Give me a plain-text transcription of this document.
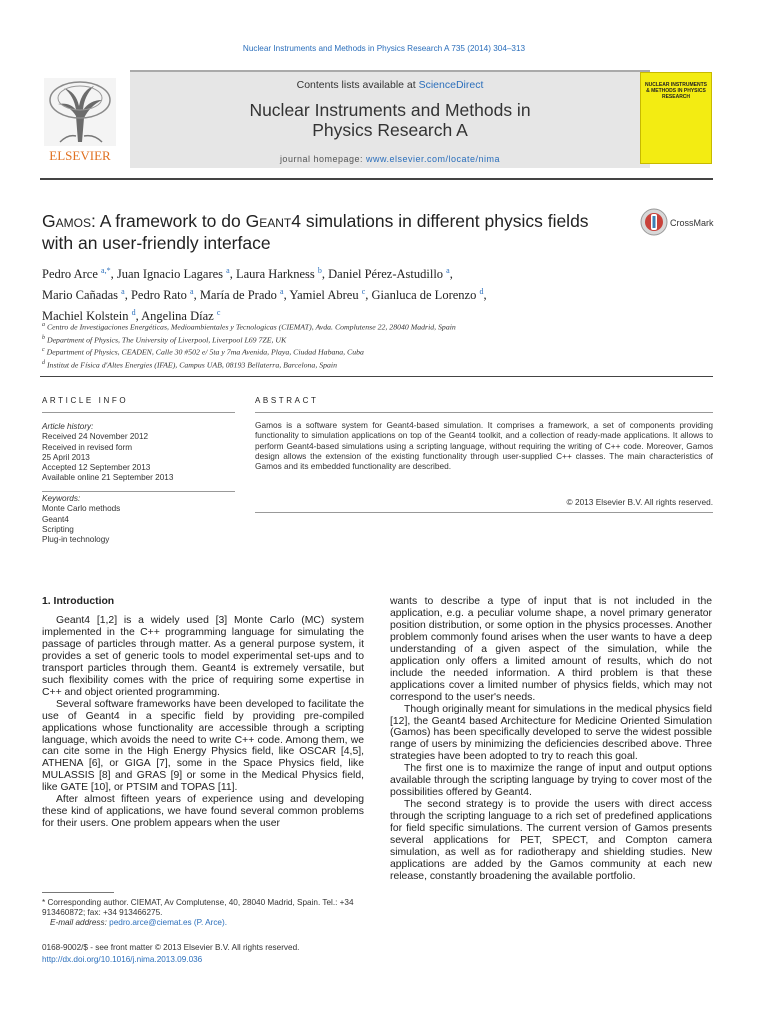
Nuclear Instruments and Methods in Physics Research A 735 (2014) 304–313
ELSEVIER
Contents lists available at ScienceDirect
Nuclear Instruments and Methods in
Physics Research A
journal homepage: www.elsevier.com/locate/nima
NUCLEAR INSTRUMENTS & METHODS IN PHYSICS RESEARCH
Gamos: A framework to do Geant4 simulations in different physics fields
with an user-friendly interface
CrossMark
Pedro Arce $^{a,*}$, Juan Ignacio Lagares $^a$, Laura Harkness $^b$, Daniel Pérez-Astudillo $^a$,
Mario Cañadas $^a$, Pedro Rato $^a$, María de Prado $^a$, Yamiel Abreu $^c$, Gianluca de Lorenzo $^d$,
Machiel Kolstein $^d$, Angelina Díaz $^c$
$^a$ Centro de Investigaciones Energéticas, Medioambientales y Tecnologicas (CIEMAT), Avda. Complutense 22, 28040 Madrid, Spain
$^b$ Department of Physics, The University of Liverpool, Liverpool L69 7ZE, UK
$^c$ Department of Physics, CEADEN, Calle 30 #502 e/ 5ta y 7ma Avenida, Playa, Ciudad Habana, Cuba
$^d$ Institut de Física d'Altes Energies (IFAE), Campus UAB, 08193 Bellaterra, Barcelona, Spain
ARTICLE INFO
Article history:
Received 24 November 2012
Received in revised form
25 April 2013
Accepted 12 September 2013
Available online 21 September 2013
Keywords:
Monte Carlo methods
Geant4
Scripting
Plug-in technology
ABSTRACT
Gamos is a software system for Geant4-based simulation. It comprises a framework, a set of components providing functionality to simulation applications on top of the Geant4 toolkit, and a collection of ready-made applications. It allows to perform Geant4-based simulations using a scripting language, without requiring the writing of C++ code. Moreover, Gamos design allows the extension of the existing functionality through user-supplied C++ classes. The main characteristics of Gamos and its embedded functionality are described.
© 2013 Elsevier B.V. All rights reserved.
1. Introduction

Geant4 [1,2] is a widely used [3] Monte Carlo (MC) system implemented in the C++ programming language for simulating the passage of particles through matter. As a general purpose system, it provides a set of generic tools to model experimental set-ups and to transport particles through them. Geant4 is extremely versatile, but such flexibility comes with the price of requiring some expertise in C++ and object oriented programming.

Several software frameworks have been developed to facilitate the use of Geant4 in a specific field by providing pre-compiled applications whose functionality are accessible through a scripting language, which avoids the need to write C++ code. Among them, we can cite some in the High Energy Physics field, like OSCAR [4,5], ATHENA [6], or GIGA [7], some in the Space Physics field, like MULASSIS [8] and GRAS [9] or some in the Medical Physics field, like GATE [10], or PTSIM and TOPAS [11].

After almost fifteen years of experience using and developing these kind of applications, we have found several common problems for their users. One problem appears when the user

wants to describe a type of input that is not included in the application, e.g. a peculiar volume shape, a novel primary generator position distribution, or some option in the physics processes. Another problem commonly found arises when the user wants to have a deep understanding of a given aspect of the simulation, while the application only offers a limited amount of results, which do not include the needed information. A third problem is that these applications cover a limited number of physics fields, which may not correspond to the user's needs.

Though originally meant for simulations in the medical physics field [12], the Geant4 based Architecture for Medicine Oriented Simulation (Gamos) has been specifically developed to serve the widest possible range of users by minimizing the deficiencies described above. Three strategies have been adopted to try to reach this goal.

The first one is to maximize the range of input and output options available through the scripting language by trying to cover most of the possibilities offered by Geant4.

The second strategy is to provide the users with direct access through the scripting language to a rich set of predefined applications for field specific simulations. The current version of Gamos presents several applications for PET, SPECT, and Compton camera simulation, as well as for radiotherapy and shielding studies. New applications are added by the Gamos community at each new release, constantly broadening the available portfolio.

* Corresponding author. CIEMAT, Av Complutense, 40, 28040 Madrid, Spain. Tel.: +34 913460872; fax: +34 913466275.
E-mail address: pedro.arce@ciemat.es (P. Arce).
0168-9002/$ - see front matter © 2013 Elsevier B.V. All rights reserved.
http://dx.doi.org/10.1016/j.nima.2013.09.036
